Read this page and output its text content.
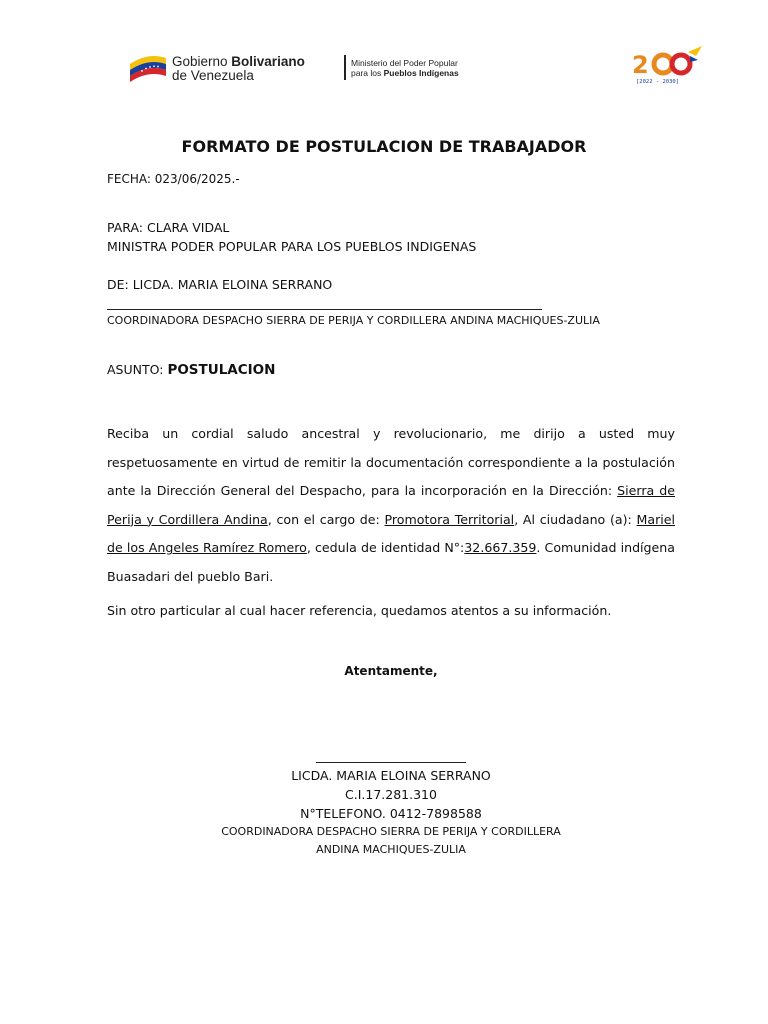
Gobierno Bolivariano
de Venezuela
Ministerio del Poder Popular
para los Pueblos Indígenas	2
[2022 - 2030]
FORMATO DE POSTULACION DE TRABAJADOR
FECHA: 023/06/2025.-
PARA: CLARA VIDAL
MINISTRA PODER POPULAR PARA LOS PUEBLOS INDIGENAS
DE: LICDA. MARIA ELOINA SERRANO
COORDINADORA DESPACHO SIERRA DE PERIJA Y CORDILLERA ANDINA MACHIQUES-ZULIA
ASUNTO: POSTULACION
Reciba un cordial saludo ancestral y revolucionario, me dirijo a usted muy respetuosamente en virtud de remitir la documentación correspondiente a la postulación ante la Dirección General del Despacho, para la incorporación en la Dirección: Sierra de Perija y Cordillera Andina, con el cargo de: Promotora Territorial, Al ciudadano (a): Mariel de los Angeles Ramírez Romero, cedula de identidad N°:32.667.359. Comunidad indígena Buasadari del pueblo Bari.
Sin otro particular al cual hacer referencia, quedamos atentos a su información.
Atentamente,
LICDA. MARIA ELOINA SERRANO
C.I.17.281.310
N°TELEFONO. 0412-7898588
COORDINADORA DESPACHO SIERRA DE PERIJA Y CORDILLERA
ANDINA MACHIQUES-ZULIA
